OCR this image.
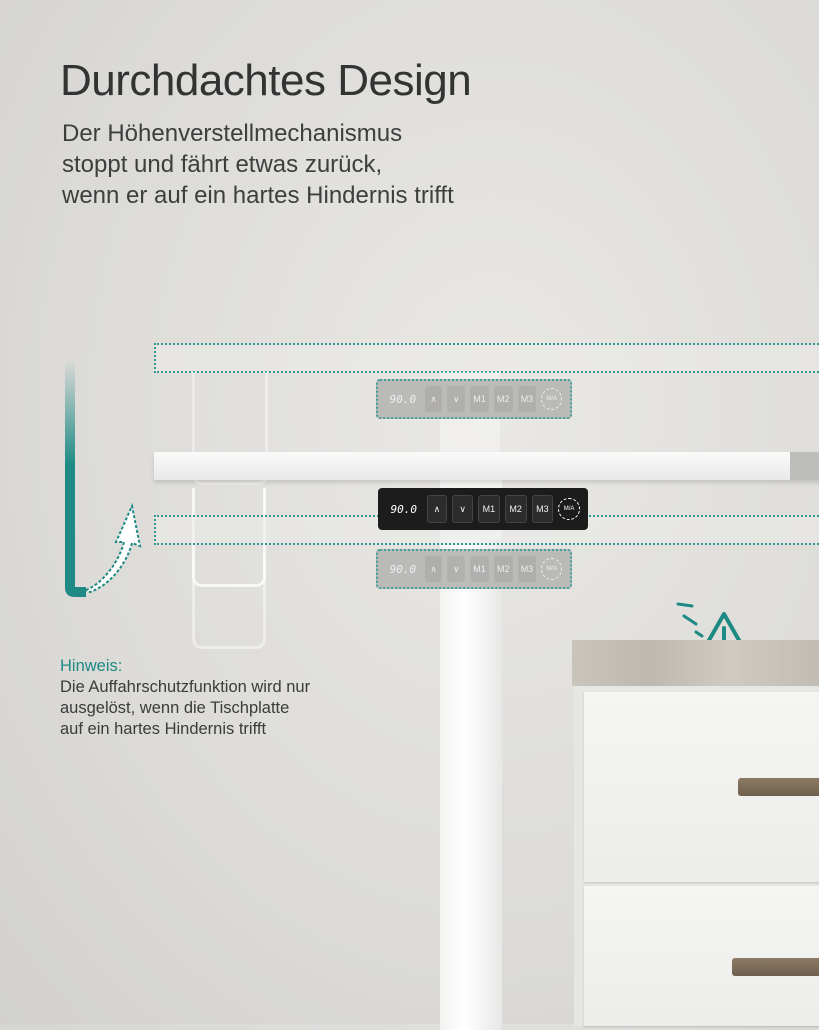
Durchdachtes Design
Der Höhenverstellmechanismus
stoppt und fährt etwas zurück,
wenn er auf ein hartes Hindernis trifft
90.0	∧	∨	M1	M2	M3	M/A
90.0	∧	∨	M1	M2	M3	M/A
90.0	∧	∨	M1	M2	M3	M/A
Hinweis:
Die Auffahrschutzfunktion wird nur
ausgelöst, wenn die Tischplatte
auf ein hartes Hindernis trifft
